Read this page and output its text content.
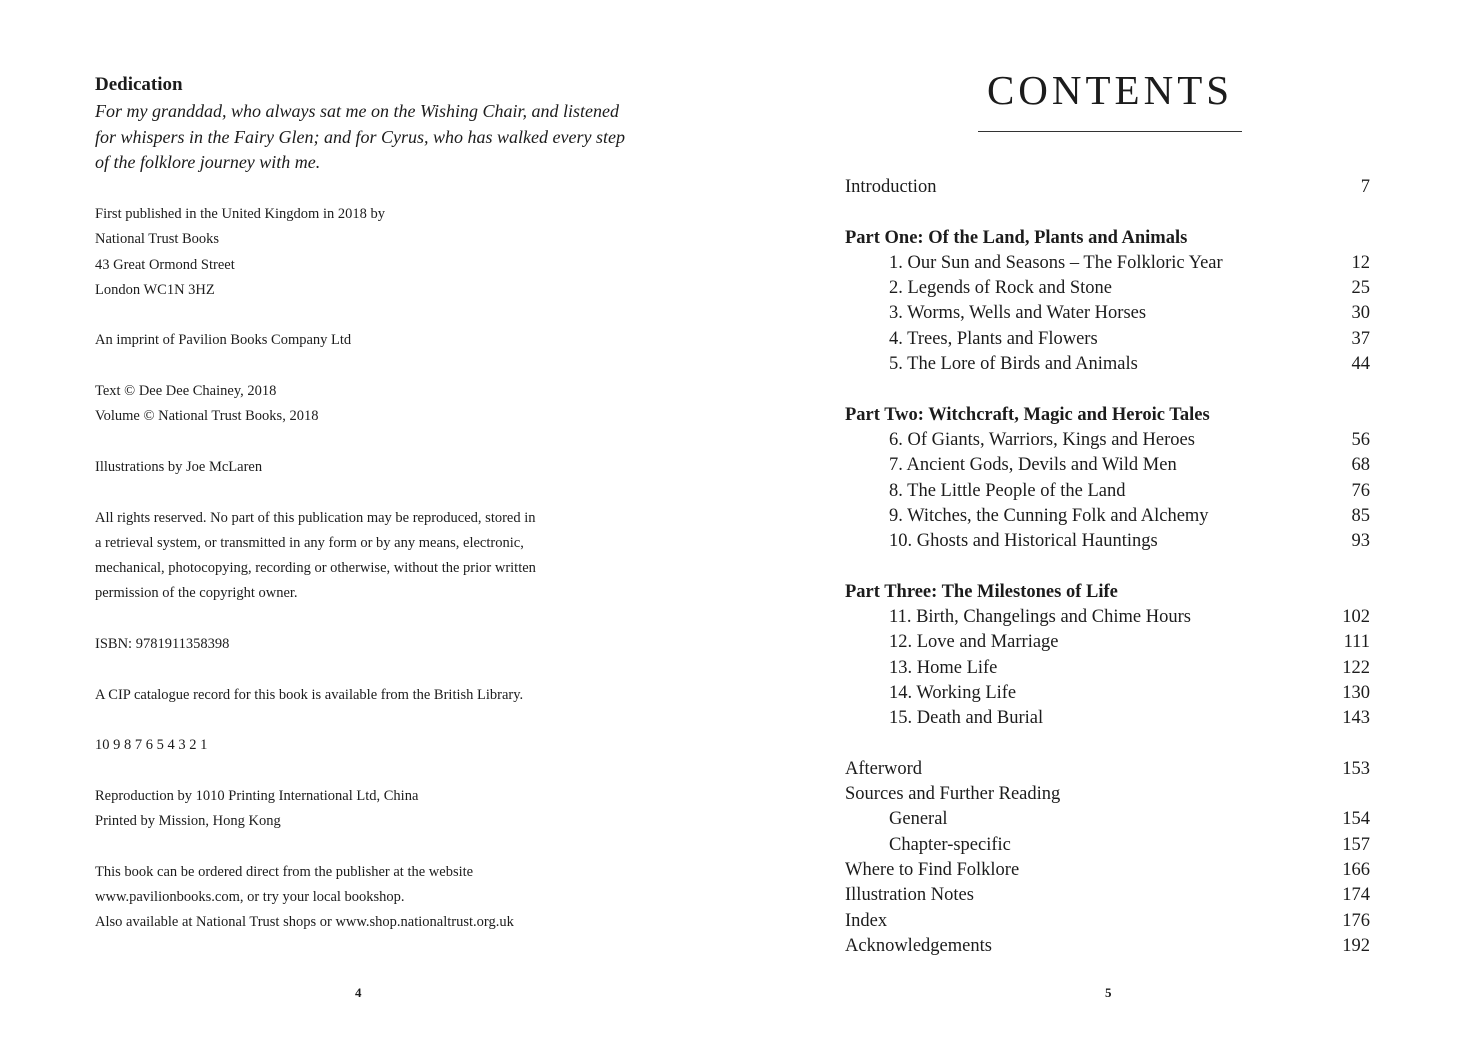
Dedication
For my granddad, who always sat me on the Wishing Chair, and listened
for whispers in the Fairy Glen; and for Cyrus, who has walked every step
of the folklore journey with me.
First published in the United Kingdom in 2018 by
National Trust Books
43 Great Ormond Street
London WC1N 3HZ
An imprint of Pavilion Books Company Ltd
Text © Dee Dee Chainey, 2018
Volume © National Trust Books, 2018
Illustrations by Joe McLaren
All rights reserved. No part of this publication may be reproduced, stored in
a retrieval system, or transmitted in any form or by any means, electronic,
mechanical, photocopying, recording or otherwise, without the prior written
permission of the copyright owner.
ISBN: 9781911358398
A CIP catalogue record for this book is available from the British Library.
10 9 8 7 6 5 4 3 2 1
Reproduction by 1010 Printing International Ltd, China
Printed by Mission, Hong Kong
This book can be ordered direct from the publisher at the website
www.pavilionbooks.com, or try your local bookshop.
Also available at National Trust shops or www.shop.nationaltrust.org.uk
4
CONTENTS
Introduction	7
Part One: Of the Land, Plants and Animals
1. Our Sun and Seasons – The Folkloric Year	12
2. Legends of Rock and Stone	25
3. Worms, Wells and Water Horses	30
4. Trees, Plants and Flowers	37
5. The Lore of Birds and Animals	44
Part Two: Witchcraft, Magic and Heroic Tales
6. Of Giants, Warriors, Kings and Heroes	56
7. Ancient Gods, Devils and Wild Men	68
8. The Little People of the Land	76
9. Witches, the Cunning Folk and Alchemy	85
10. Ghosts and Historical Hauntings	93
Part Three: The Milestones of Life
11. Birth, Changelings and Chime Hours	102
12. Love and Marriage	111
13. Home Life	122
14. Working Life	130
15. Death and Burial	143
Afterword	153
Sources and Further Reading
General	154
Chapter-specific	157
Where to Find Folklore	166
Illustration Notes	174
Index	176
Acknowledgements	192
5
